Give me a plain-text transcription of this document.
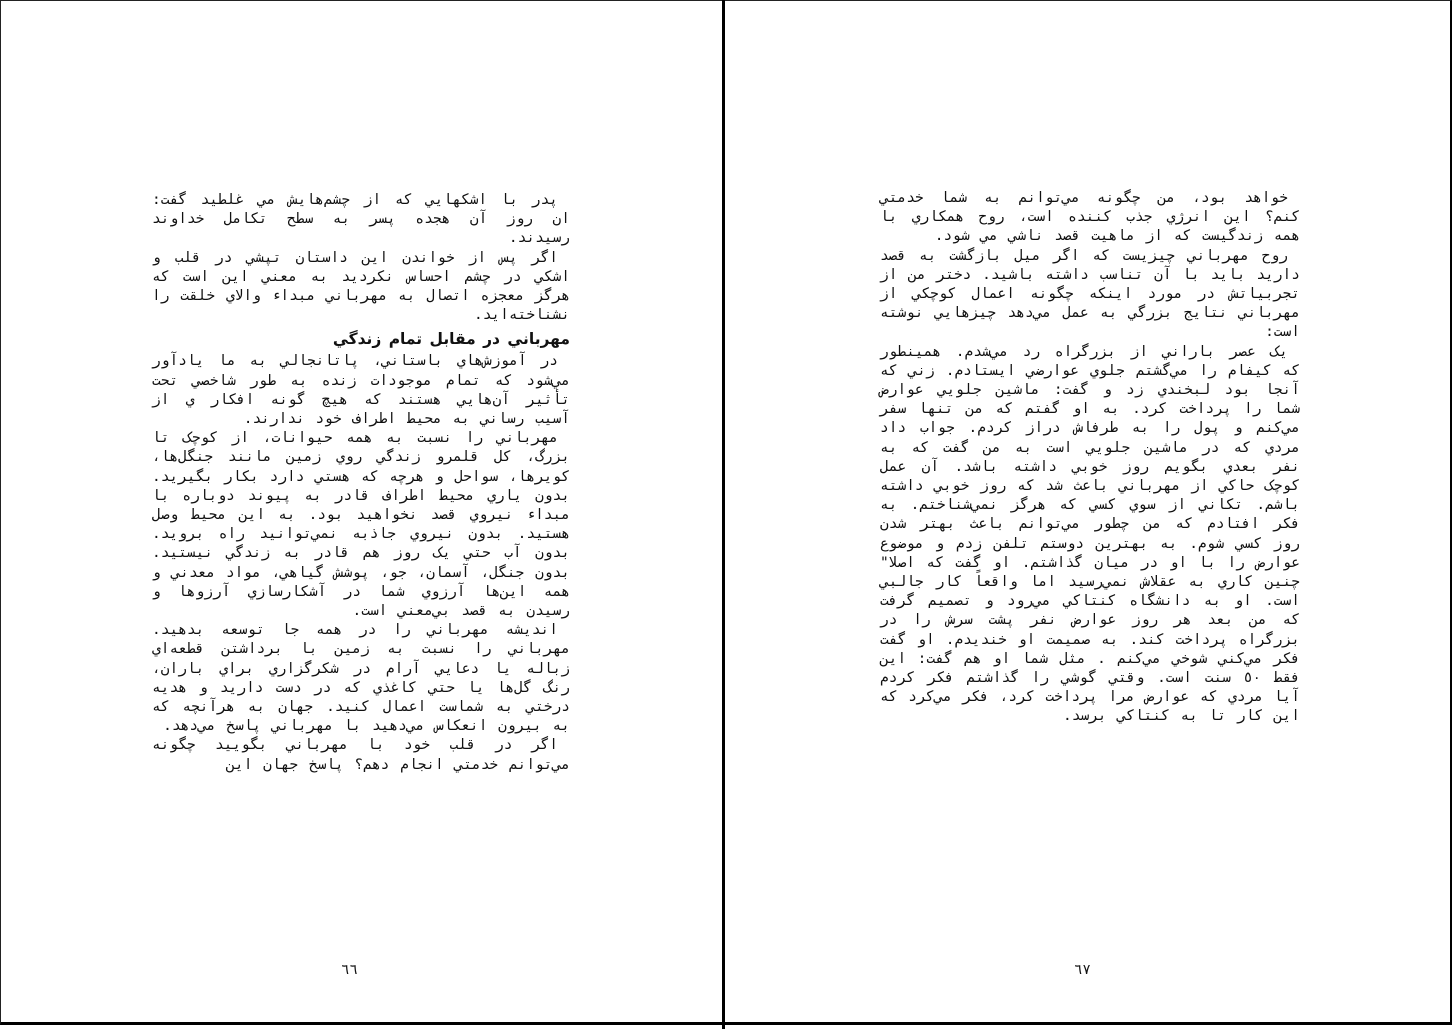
پدر با اشکهايي که از چشم‌هايش مي غلطيد گفت: ان روز آن هجده پسر به سطح تکامل خداوند رسيدند.

اگر پس از خواندن اين داستان تپشي در قلب و اشکي در چشم احساس نکرديد به معني اين است که هرگز معجزه اتصال به مهرباني مبداء والاي خلقت را نشناخته‌ايد.

مهرباني در مقابل تمام زندگي

در آموزش‌هاي باستاني، پاتانجالي به ما يادآور مي‌شود که تمام موجودات زنده به طور شاخصي تحت تأثير آن‌هايي هستند که هيچ گونه افکار ي از آسيب رساني به محيط اطراف خود ندارند.

مهرباني را نسبت به همه حيوانات، از کوچک تا بزرگ، کل قلمرو زندگي روي زمين مانند جنگل‌ها، کويرها، سواحل و هرچه که هستي دارد بکار بگيريد. بدون ياري محيط اطراف قادر به پيوند دوباره با مبداء نيروي قصد نخواهيد بود. به اين محيط وصل هستيد. بدون نيروي جاذبه نمي‌توانيد راه برويد. بدون آب حتي يک روز هم قادر به زندگي نيستيد. بدون جنگل، آسمان، جو، پوشش گياهي، مواد معدني و همه اين‌ها آرزوي شما در آشکارسازي آرزوها و رسيدن به قصد بي‌معني است.

انديشه مهرباني را در همه جا توسعه بدهيد. مهرباني را نسبت به زمين با برداشتن قطعه‌اي زباله يا دعايي آرام در شکرگزاري براي باران، رنگ گل‌ها يا حتي کاغذي که در دست داريد و هديه درختي به شماست اعمال کنيد. جهان به هرآنچه که به بيرون انعکاس مي‌دهيد با مهرباني پاسخ مي‌دهد.

اگر در قلب خود با مهرباني بگوييد چگونه مي‌توانم خدمتي انجام دهم؟ پاسخ جهان اين

٦٦

خواهد بود، من چگونه مي‌توانم به شما خدمتي کنم؟ اين انرژي جذب کننده است، روح همکاري با همه زندگيست که از ماهيت قصد ناشي مي شود.

روح مهرباني چيزيست که اگر ميل بازگشت به قصد داريد بايد با آن تناسب داشته باشيد. دختر من از تجربياتش در مورد اينکه چگونه اعمال کوچکي از مهرباني نتايج بزرگي به عمل مي‌دهد چيزهايي نوشته است:

يک عصر باراني از بزرگراه رد مي‌شدم. همينطور که کيفام را مي‌گشتم جلوي عوارضي ايستادم. زني که آنجا بود لبخندي زد و گفت: ماشين جلويي عوارض شما را پرداخت کرد. به او گفتم که من تنها سفر مي‌کنم و پول را به طرفاش دراز کردم. جواب داد مردي که در ماشين جلويي است به من گفت که به نفر بعدي بگويم روز خوبي داشته باشد. آن عمل کوچک حاکي از مهرباني باعث شد که روز خوبي داشته باشم. تکاني از سوي کسي که هرگز نمي‌شناختم. به فکر افتادم که من چطور مي‌توانم باعث بهتر شدن روز کسي شوم. به بهترين دوستم تلفن زدم و موضوع عوارض را با او در ميان گذاشتم. او گفت که اصلا" چنين کاري به عقلاش نمي‌رسيد اما واقعاً کار جالبي است. او به دانشگاه کنتاکي مي‌رود و تصميم گرفت که من بعد هر روز عوارض نفر پشت سرش را در بزرگراه پرداخت کند. به صميمت او خنديدم. او گفت فکر مي‌کني شوخي مي‌کنم . مثل شما او هم گفت: اين فقط ٥٠ سنت است. وقتي گوشي را گذاشتم فکر کردم آيا مردي که عوارض مرا پرداخت کرد، فکر مي‌کرد که اين کار تا به کنتاکي برسد.

٦٧
